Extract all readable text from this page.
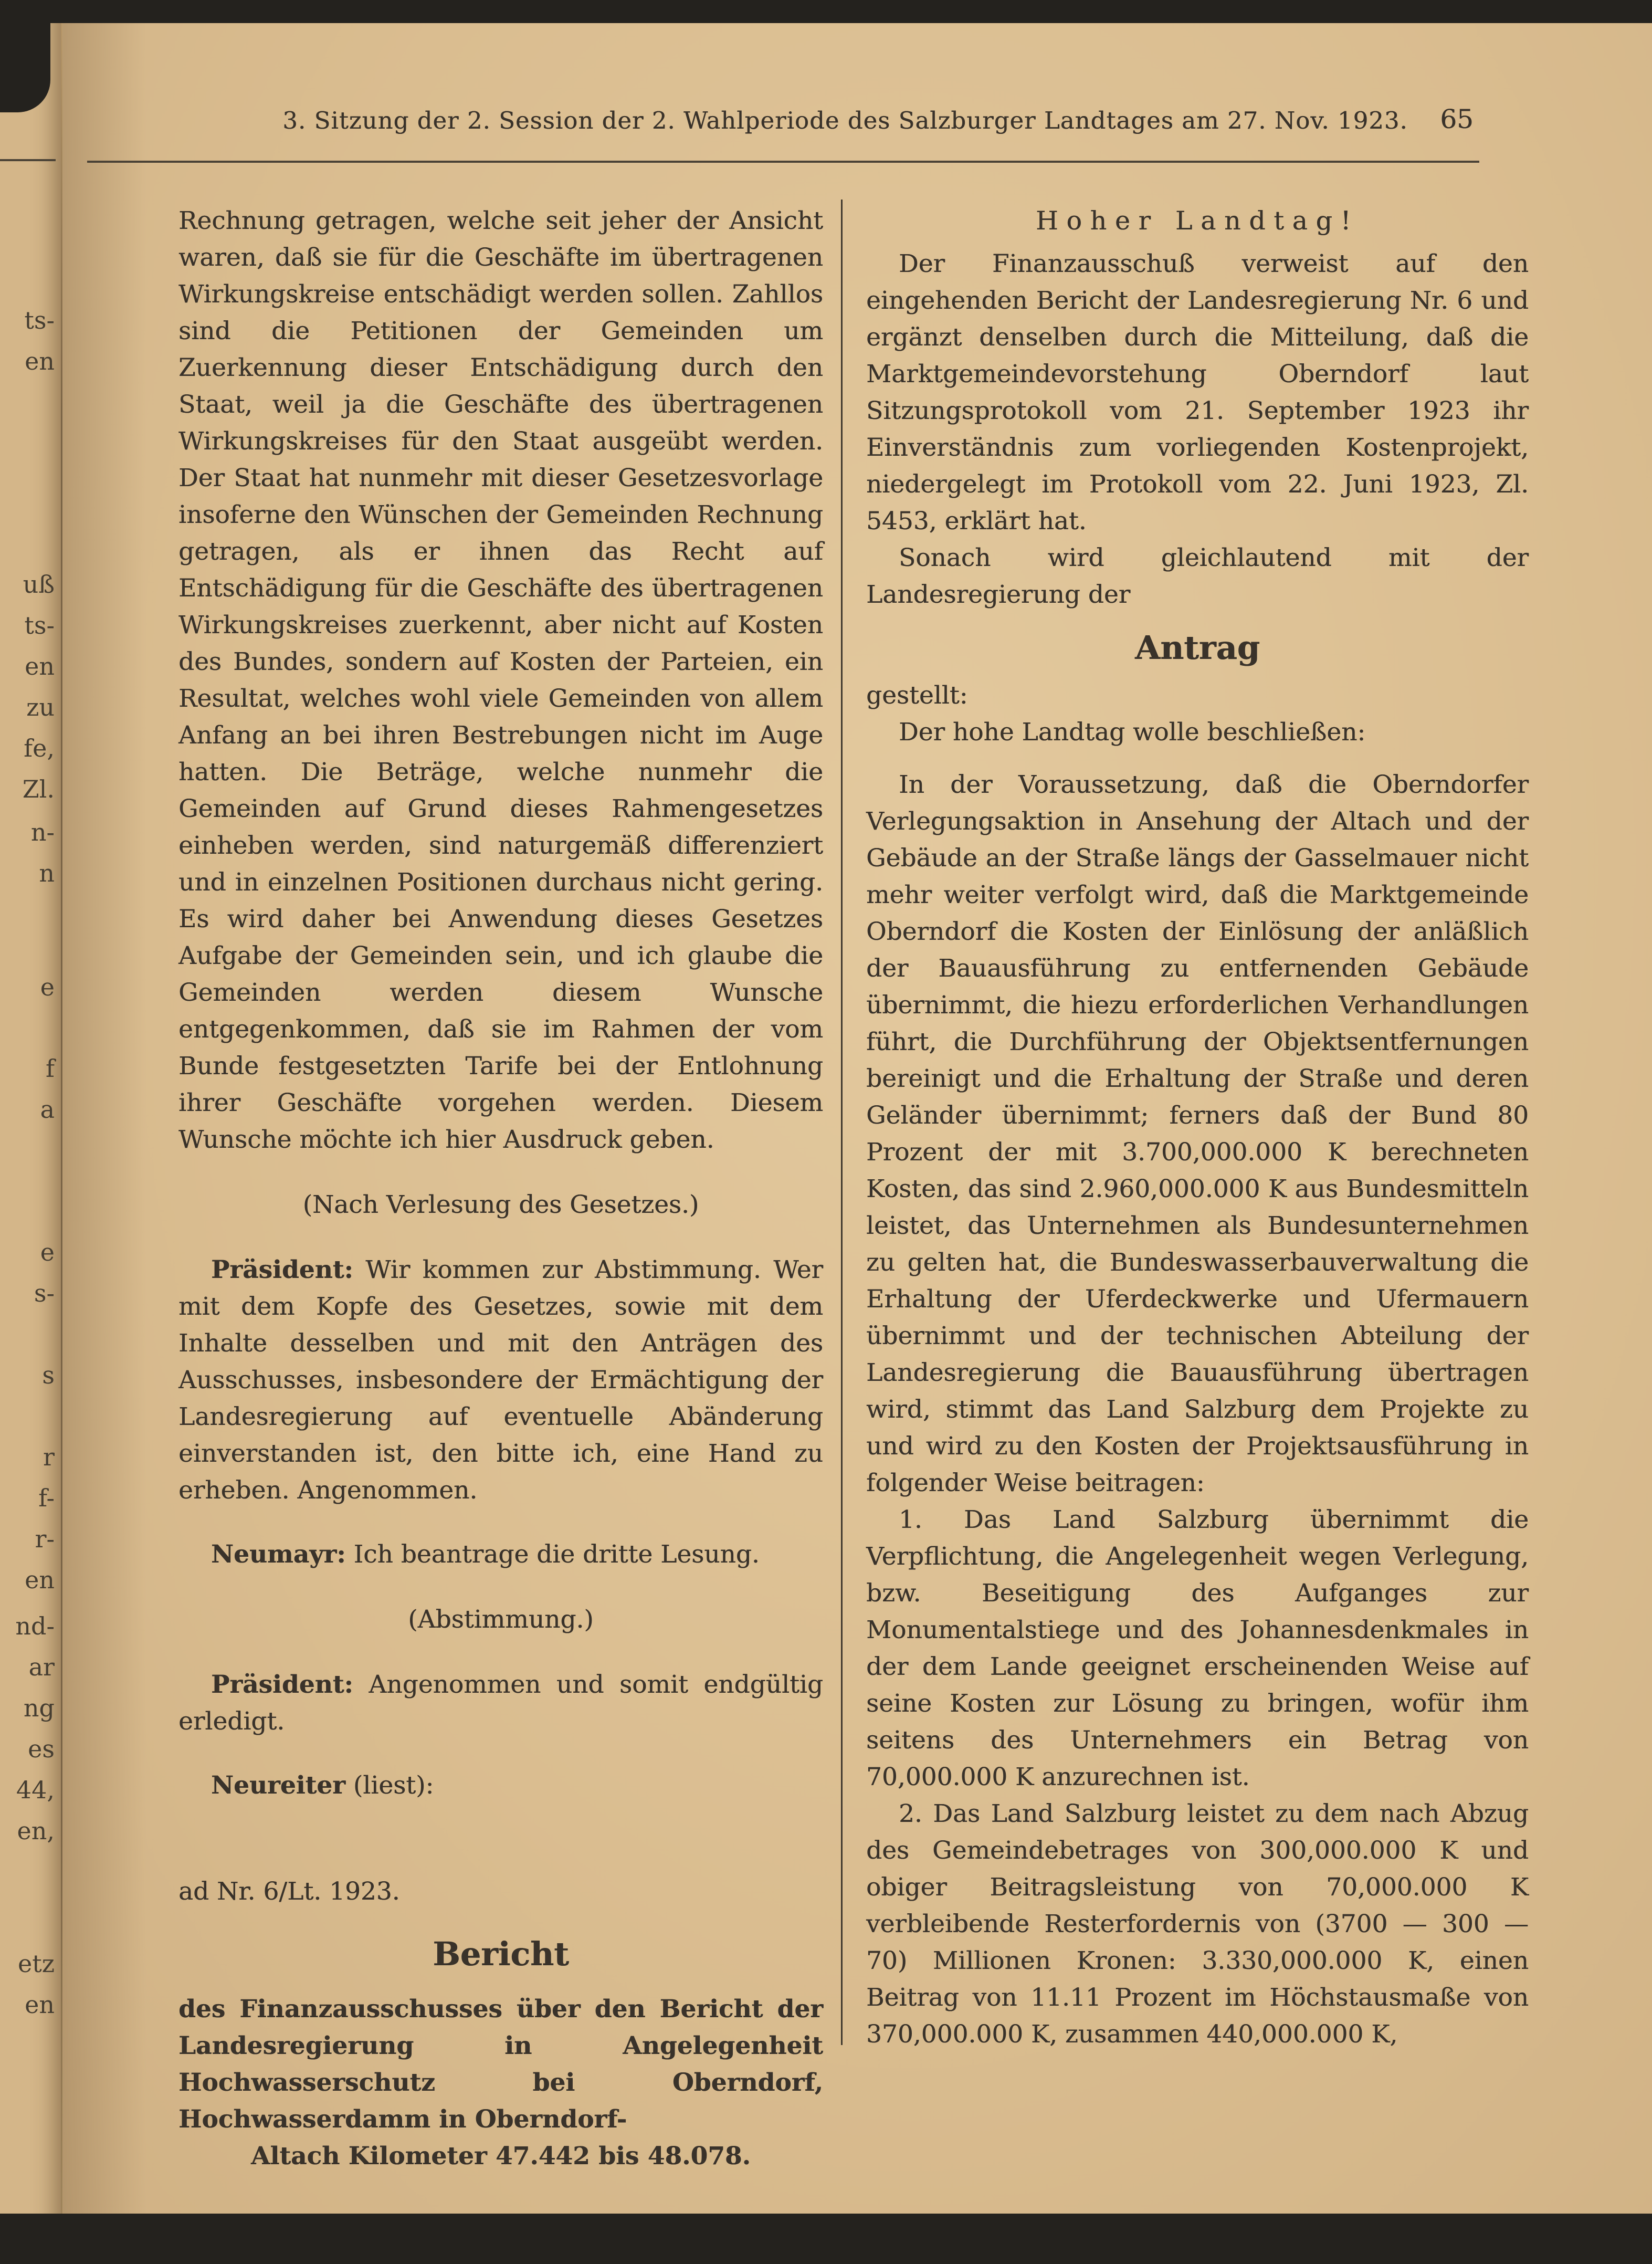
ts-
en
uß
ts-
en
zu
fe,
Zl.
n-
n
e
f
a
e
s-
s
r
f-
r-
en
nd-
ar
ng
es
44,
en,
etz
en
3. Sitzung der 2. Session der 2. Wahlperiode des Salzburger Landtages am 27. Nov. 1923.	65

Rechnung getragen, welche seit jeher der Ansicht waren, daß sie für die Geschäfte im übertragenen Wirkungskreise entschädigt werden sollen. Zahllos sind die Petitionen der Gemeinden um Zuerkennung dieser Entschädigung durch den Staat, weil ja die Geschäfte des übertragenen Wirkungskreises für den Staat ausgeübt werden. Der Staat hat nunmehr mit dieser Gesetzesvorlage insoferne den Wünschen der Gemeinden Rechnung getragen, als er ihnen das Recht auf Entschädigung für die Geschäfte des übertragenen Wirkungskreises zuerkennt, aber nicht auf Kosten des Bundes, sondern auf Kosten der Parteien, ein Resultat, welches wohl viele Gemeinden von allem Anfang an bei ihren Bestrebungen nicht im Auge hatten. Die Beträge, welche nunmehr die Gemeinden auf Grund dieses Rahmengesetzes einheben werden, sind naturgemäß differenziert und in einzelnen Positionen durchaus nicht gering. Es wird daher bei Anwendung dieses Gesetzes Aufgabe der Gemeinden sein, und ich glaube die Gemeinden werden diesem Wunsche entgegenkommen, daß sie im Rahmen der vom Bunde festgesetzten Tarife bei der Entlohnung ihrer Geschäfte vorgehen werden. Diesem Wunsche möchte ich hier Ausdruck geben.

(Nach Verlesung des Gesetzes.)

Präsident: Wir kommen zur Abstimmung. Wer mit dem Kopfe des Gesetzes, sowie mit dem Inhalte desselben und mit den Anträgen des Ausschusses, insbesondere der Ermächtigung der Landesregierung auf eventuelle Abänderung einverstanden ist, den bitte ich, eine Hand zu erheben. Angenommen.

Neumayr: Ich beantrage die dritte Lesung.

(Abstimmung.)

Präsident: Angenommen und somit endgültig erledigt.

Neureiter (liest):

ad Nr. 6/Lt. 1923.

Bericht

des Finanzausschusses über den Bericht der Landesregierung in Angelegenheit Hochwasserschutz bei Oberndorf, Hochwasserdamm in Oberndorf-

Altach Kilometer 47.442 bis 48.078.

Hoher Landtag!

Der Finanzausschuß verweist auf den eingehenden Bericht der Landesregierung Nr. 6 und ergänzt denselben durch die Mitteilung, daß die Marktgemeindevorstehung Oberndorf laut Sitzungsprotokoll vom 21. September 1923 ihr Einverständnis zum vorliegenden Kostenprojekt, niedergelegt im Protokoll vom 22. Juni 1923, Zl. 5453, erklärt hat.

Sonach wird gleichlautend mit der Landesregierung der

Antrag

gestellt:

Der hohe Landtag wolle beschließen:

In der Voraussetzung, daß die Oberndorfer Verlegungsaktion in Ansehung der Altach und der Gebäude an der Straße längs der Gasselmauer nicht mehr weiter verfolgt wird, daß die Marktgemeinde Oberndorf die Kosten der Einlösung der anläßlich der Bauausführung zu entfernenden Gebäude übernimmt, die hiezu erforderlichen Verhandlungen führt, die Durchführung der Objektsentfernungen bereinigt und die Erhaltung der Straße und deren Geländer übernimmt; ferners daß der Bund 80 Prozent der mit 3.700,000.000 K berechneten Kosten, das sind 2.960,000.000 K aus Bundesmitteln leistet, das Unternehmen als Bundesunternehmen zu gelten hat, die Bundeswasserbauverwaltung die Erhaltung der Uferdeckwerke und Ufermauern übernimmt und der technischen Abteilung der Landesregierung die Bauausführung übertragen wird, stimmt das Land Salzburg dem Projekte zu und wird zu den Kosten der Projektsausführung in folgender Weise beitragen:

1. Das Land Salzburg übernimmt die Verpflichtung, die Angelegenheit wegen Verlegung, bzw. Beseitigung des Aufganges zur Monumentalstiege und des Johannesdenkmales in der dem Lande geeignet erscheinenden Weise auf seine Kosten zur Lösung zu bringen, wofür ihm seitens des Unternehmers ein Betrag von 70,000.000 K anzurechnen ist.

2. Das Land Salzburg leistet zu dem nach Abzug des Gemeindebetrages von 300,000.000 K und obiger Beitragsleistung von 70,000.000 K verbleibende Resterfordernis von (3700 — 300 — 70) Millionen Kronen: 3.330,000.000 K, einen Beitrag von 11.11 Prozent im Höchstausmaße von 370,000.000 K, zusammen 440,000.000 K,
